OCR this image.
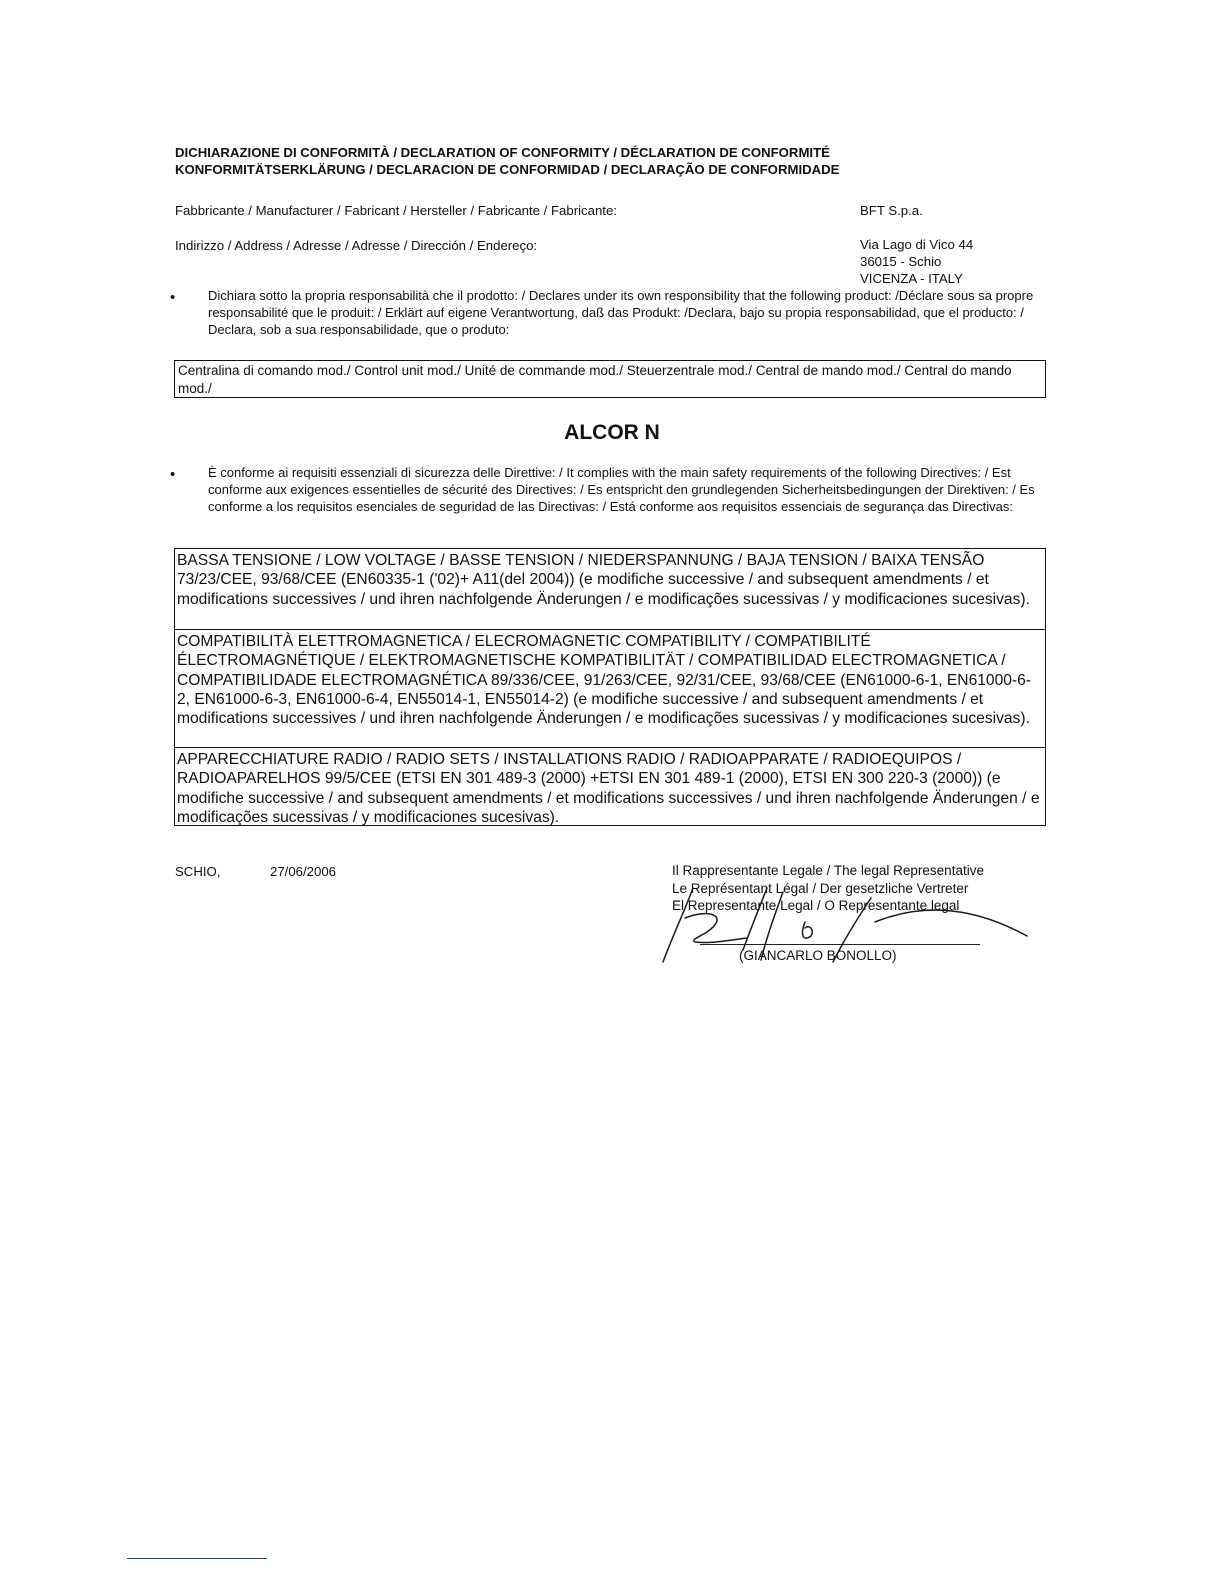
DICHIARAZIONE DI CONFORMITÀ / DECLARATION OF CONFORMITY / DÉCLARATION DE CONFORMITÉ
KONFORMITÄTSERKLÄRUNG / DECLARACION DE CONFORMIDAD / DECLARAÇÃO DE CONFORMIDADE
Fabbricante / Manufacturer / Fabricant / Hersteller / Fabricante / Fabricante:	BFT S.p.a.
Indirizzo / Address / Adresse / Adresse / Dirección / Endereço:	Via Lago di Vico 44
36015 - Schio
VICENZA - ITALY
•	Dichiara sotto la propria responsabilità che il prodotto: / Declares under its own responsibility that the following product: /Déclare sous sa propre responsabilité que le produit: / Erklärt auf eigene Verantwortung, daß das Produkt: /Declara, bajo su propia responsabilidad, que el producto: / Declara, sob a sua responsabilidade, que o produto:
Centralina di comando mod./ Control unit mod./ Unité de commande mod./ Steuerzentrale mod./ Central de mando mod./ Central do mando mod./
ALCOR N
•	È conforme ai requisiti essenziali di sicurezza delle Direttive: / It complies with the main safety requirements of the following Directives: / Est conforme aux exigences essentielles de sécurité des Directives: / Es entspricht den grundlegenden Sicherheitsbedingungen der Direktiven: / Es conforme a los requisitos esenciales de seguridad de las Directivas: / Está conforme aos requisitos essenciais de segurança das Directivas:
BASSA TENSIONE / LOW VOLTAGE / BASSE TENSION / NIEDERSPANNUNG / BAJA TENSION / BAIXA TENSÃO 73/23/CEE, 93/68/CEE (EN60335-1 ('02)+ A11(del 2004)) (e modifiche successive / and subsequent amendments / et modifications successives / und ihren nachfolgende Änderungen / e modificações sucessivas / y modificaciones sucesivas).
COMPATIBILITÀ ELETTROMAGNETICA / ELECROMAGNETIC COMPATIBILITY / COMPATIBILITÉ ÉLECTROMAGNÉTIQUE / ELEKTROMAGNETISCHE KOMPATIBILITÄT / COMPATIBILIDAD ELECTROMAGNETICA / COMPATIBILIDADE ELECTROMAGNÉTICA 89/336/CEE, 91/263/CEE, 92/31/CEE, 93/68/CEE (EN61000-6-1, EN61000-6-2, EN61000-6-3, EN61000-6-4, EN55014-1, EN55014-2) (e modifiche successive / and subsequent amendments / et modifications successives / und ihren nachfolgende Änderungen / e modificações sucessivas / y modificaciones sucesivas).
APPARECCHIATURE RADIO / RADIO SETS / INSTALLATIONS RADIO / RADIOAPPARATE / RADIOEQUIPOS / RADIOAPARELHOS 99/5/CEE (ETSI EN 301 489-3 (2000) +ETSI EN 301 489-1 (2000), ETSI EN 300 220-3 (2000)) (e modifiche successive / and subsequent amendments / et modifications successives / und ihren nachfolgende Änderungen / e modificações sucessivas / y modificaciones sucesivas).
SCHIO,	27/06/2006	Il Rappresentante Legale / The legal Representative
Le Représentant Légal / Der gesetzliche Vertreter
El Representante Legal / O Representante legal
(GIANCARLO BONOLLO)
